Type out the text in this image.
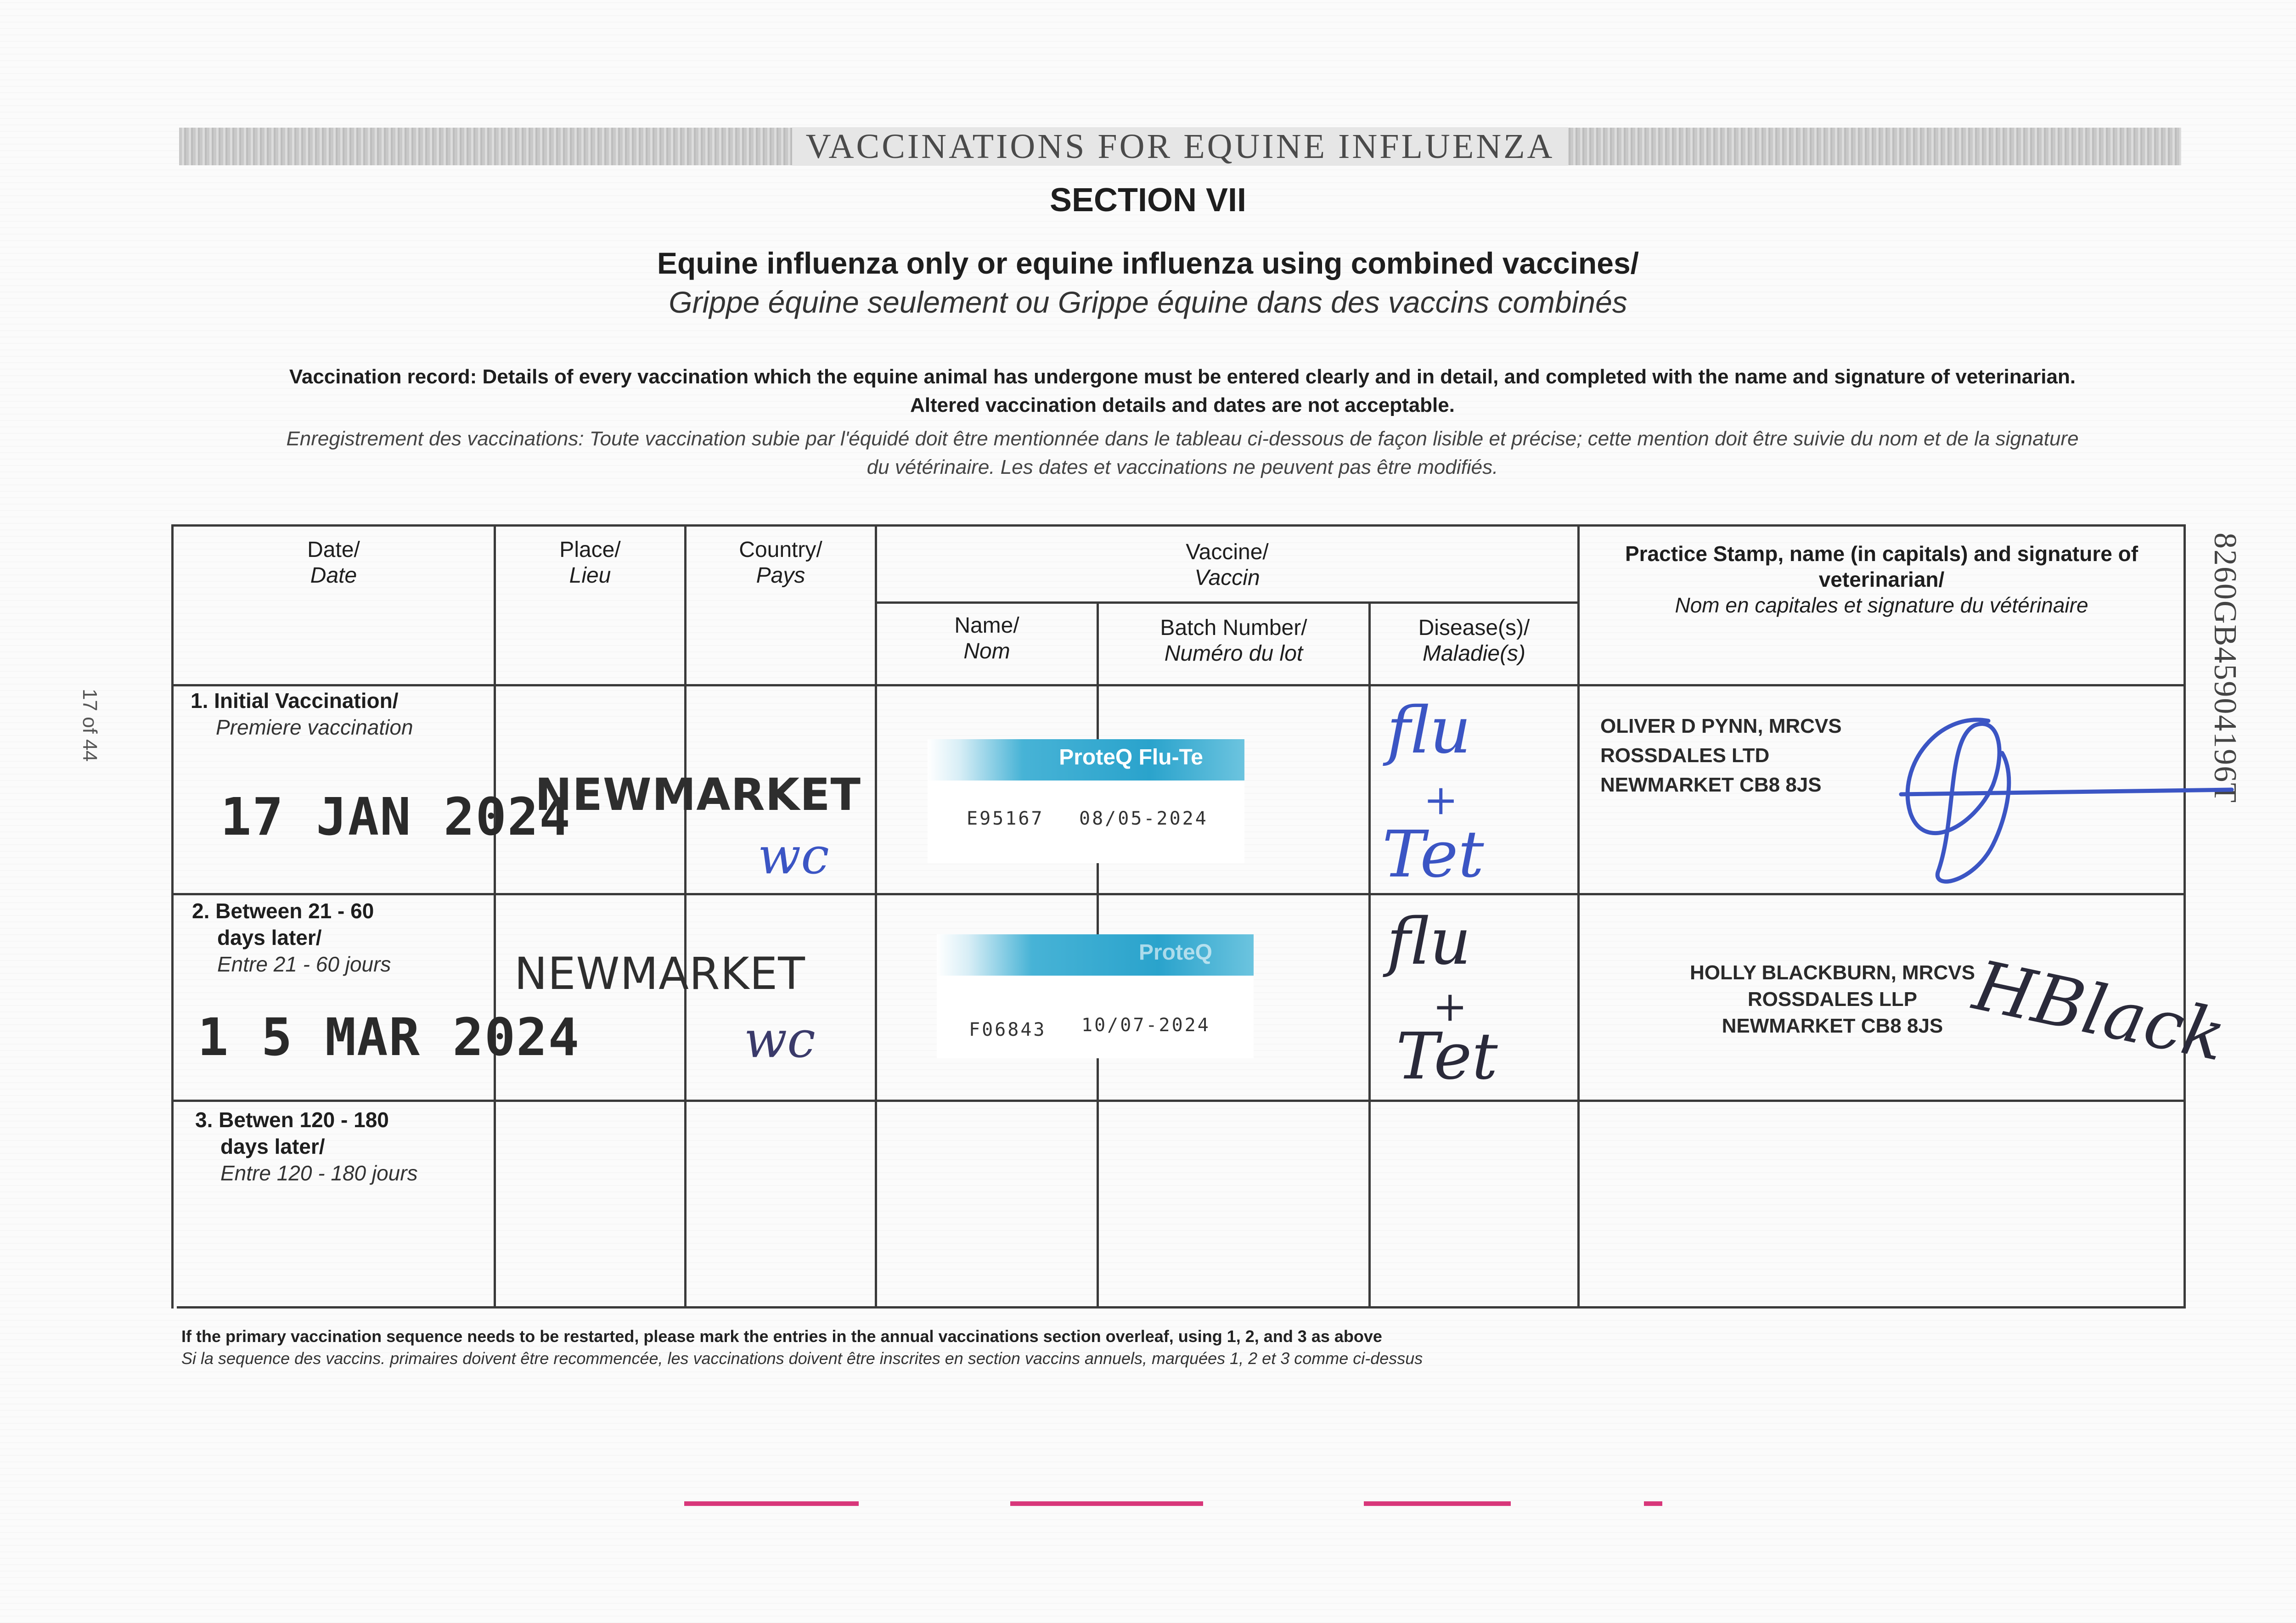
VACCINATIONS FOR EQUINE INFLUENZA
SECTION VII
Equine influenza only or equine influenza using combined vaccines/
Grippe équine seulement ou Grippe équine dans des vaccins combinés
Vaccination record: Details of every vaccination which the equine animal has undergone must be entered clearly and in detail, and completed with the name and signature of veterinarian.
Altered vaccination details and dates are not acceptable.
Enregistrement des vaccinations: Toute vaccination subie par l'équidé doit être mentionnée dans le tableau ci-dessous de façon lisible et précise; cette mention doit être suivie du nom et de la signature
du vétérinaire. Les dates et vaccinations ne peuvent pas être modifiés.
17 of 44	8260GB45904196T
Date/
Date
Place/
Lieu
Country/
Pays
Vaccine/
Vaccin
Name/
Nom
Batch Number/
Numéro du lot
Disease(s)/
Maladie(s)
Practice Stamp, name (in capitals) and signature of
veterinarian/
Nom en capitales et signature du vétérinaire
1. Initial Vaccination/
Premiere vaccination
17 JAN 2024
NEWMARKET
wc
ProteQ Flu-Te
E95167 08/05-2024
flu
+
Tet
OLIVER D PYNN, MRCVS
ROSSDALES LTD
NEWMARKET CB8 8JS
2. Between 21 - 60
days later/
Entre 21 - 60 jours
1 5 MAR 2024
NEWMARKET
wc
ProteQ
F06843 10/07-2024
flu
+
Tet
HOLLY BLACKBURN, MRCVS
ROSSDALES LLP
NEWMARKET CB8 8JS HBlack
3. Betwen 120 - 180
days later/
Entre 120 - 180 jours
If the primary vaccination sequence needs to be restarted, please mark the entries in the annual vaccinations section overleaf, using 1, 2, and 3 as above
Si la sequence des vaccins. primaires doivent être recommencée, les vaccinations doivent être inscrites en section vaccins annuels, marquées 1, 2 et 3 comme ci-dessus
